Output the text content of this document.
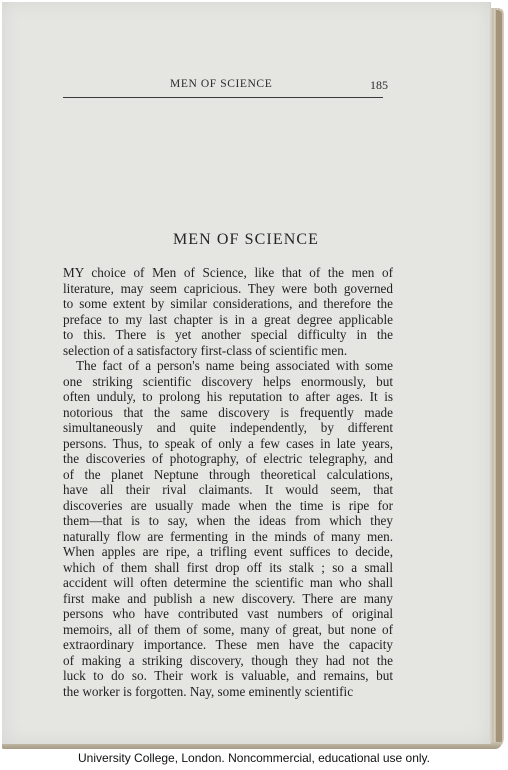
MEN OF SCIENCE	185
MEN OF SCIENCE
MY choice of Men of Science, like that of the men of
literature, may seem capricious. They were both governed
to some extent by similar considerations, and therefore the
preface to my last chapter is in a great degree applicable
to this. There is yet another special difficulty in the
selection of a satisfactory first-class of scientific men.
The fact of a person's name being associated with some
one striking scientific discovery helps enormously, but
often unduly, to prolong his reputation to after ages. It is
notorious that the same discovery is frequently made
simultaneously and quite independently, by different
persons. Thus, to speak of only a few cases in late years,
the discoveries of photography, of electric telegraphy, and
of the planet Neptune through theoretical calculations,
have all their rival claimants. It would seem, that
discoveries are usually made when the time is ripe for
them—that is to say, when the ideas from which they
naturally flow are fermenting in the minds of many men.
When apples are ripe, a trifling event suffices to decide,
which of them shall first drop off its stalk ; so a small
accident will often determine the scientific man who shall
first make and publish a new discovery. There are many
persons who have contributed vast numbers of original
memoirs, all of them of some, many of great, but none of
extraordinary importance. These men have the capacity
of making a striking discovery, though they had not the
luck to do so. Their work is valuable, and remains, but
the worker is forgotten. Nay, some eminently scientific
University College, London. Noncommercial, educational use only.
